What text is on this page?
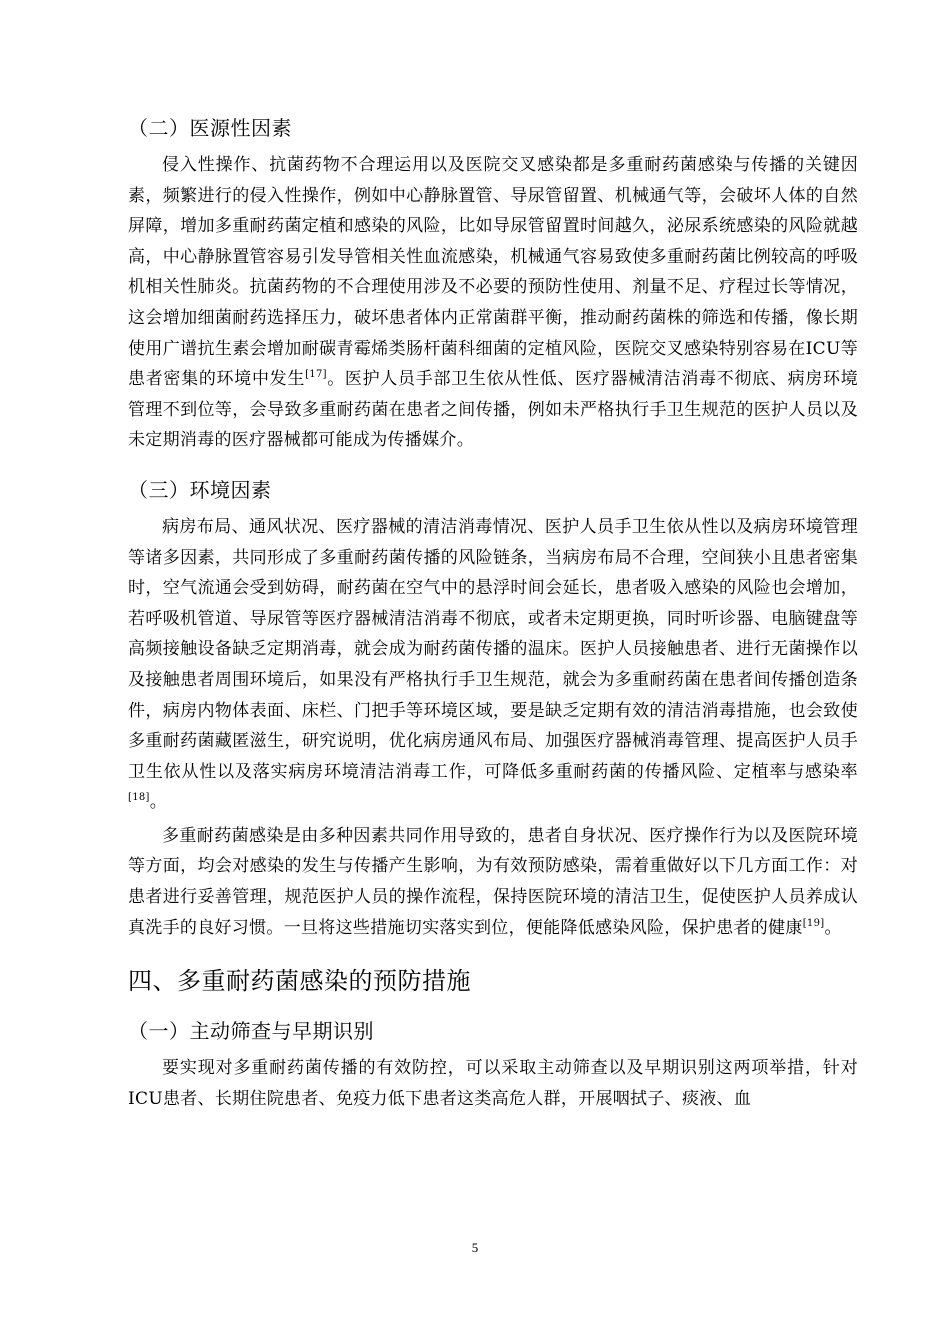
（二）医源性因素

侵入性操作、抗菌药物不合理运用以及医院交叉感染都是多重耐药菌感染与传播的关键因素，频繁进行的侵入性操作，例如中心静脉置管、导尿管留置、机械通气等，会破坏人体的自然屏障，增加多重耐药菌定植和感染的风险，比如导尿管留置时间越久，泌尿系统感染的风险就越高，中心静脉置管容易引发导管相关性血流感染，机械通气容易致使多重耐药菌比例较高的呼吸机相关性肺炎。抗菌药物的不合理使用涉及不必要的预防性使用、剂量不足、疗程过长等情况，这会增加细菌耐药选择压力，破坏患者体内正常菌群平衡，推动耐药菌株的筛选和传播，像长期使用广谱抗生素会增加耐碳青霉烯类肠杆菌科细菌的定植风险，医院交叉感染特别容易在ICU等患者密集的环境中发生[17]。医护人员手部卫生依从性低、医疗器械清洁消毒不彻底、病房环境管理不到位等，会导致多重耐药菌在患者之间传播，例如未严格执行手卫生规范的医护人员以及未定期消毒的医疗器械都可能成为传播媒介。

（三）环境因素

病房布局、通风状况、医疗器械的清洁消毒情况、医护人员手卫生依从性以及病房环境管理等诸多因素，共同形成了多重耐药菌传播的风险链条，当病房布局不合理，空间狭小且患者密集时，空气流通会受到妨碍，耐药菌在空气中的悬浮时间会延长，患者吸入感染的风险也会增加，若呼吸机管道、导尿管等医疗器械清洁消毒不彻底，或者未定期更换，同时听诊器、电脑键盘等高频接触设备缺乏定期消毒，就会成为耐药菌传播的温床。医护人员接触患者、进行无菌操作以及接触患者周围环境后，如果没有严格执行手卫生规范，就会为多重耐药菌在患者间传播创造条件，病房内物体表面、床栏、门把手等环境区域，要是缺乏定期有效的清洁消毒措施，也会致使多重耐药菌藏匿滋生，研究说明，优化病房通风布局、加强医疗器械消毒管理、提高医护人员手卫生依从性以及落实病房环境清洁消毒工作，可降低多重耐药菌的传播风险、定植率与感染率[18]。

多重耐药菌感染是由多种因素共同作用导致的，患者自身状况、医疗操作行为以及医院环境等方面，均会对感染的发生与传播产生影响，为有效预防感染，需着重做好以下几方面工作：对患者进行妥善管理，规范医护人员的操作流程，保持医院环境的清洁卫生，促使医护人员养成认真洗手的良好习惯。一旦将这些措施切实落实到位，便能降低感染风险，保护患者的健康[19]。

四、多重耐药菌感染的预防措施
（一）主动筛查与早期识别

要实现对多重耐药菌传播的有效防控，可以采取主动筛查以及早期识别这两项举措，针对ICU患者、长期住院患者、免疫力低下患者这类高危人群，开展咽拭子、痰液、血

5
